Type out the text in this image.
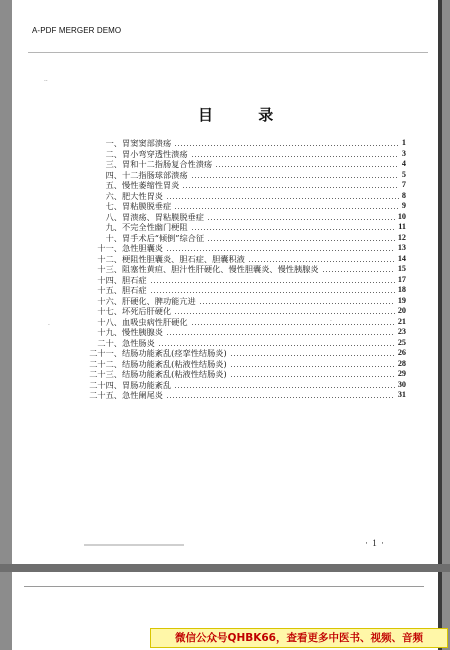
A-PDF MERGER DEMO
··
·
·
目 录
一、 胃窦窦部溃疡	1
二、 胃小弯穿透性溃疡	3
三、 胃和十二指肠复合性溃疡	4
四、 十二指肠球部溃疡	5
五、 慢性萎缩性胃炎	7
六、 肥大性胃炎	8
七、 胃粘膜脱垂症	9
八、 胃溃疡、胃粘膜脱垂症	10
九、 不完全性幽门梗阻	11
十、 胃手术后“倾倒”综合征	12
十一、 急性胆囊炎	13
十二、 梗阻性胆囊炎、胆石症、胆囊积液	14
十三、 阻塞性黄疸、胆汁性肝硬化、慢性胆囊炎、慢性胰腺炎	15
十四、 胆石症	17
十五、 胆石症	18
十六、 肝硬化、脾功能亢进	19
十七、 坏死后肝硬化	20
十八、 血吸虫病性肝硬化	21
十九、 慢性胰腺炎	23
二十、 急性肠炎	25
二十一、 结肠功能紊乱(痉挛性结肠炎)	26
二十二、 结肠功能紊乱(粘液性结肠炎)	28
二十三、 结肠功能紊乱(粘液性结肠炎)	29
二十四、 胃肠功能紊乱	30
二十五、 急性阑尾炎	31
· 1 ·
微信公众号QHBK66，查看更多中医书、视频、音频
